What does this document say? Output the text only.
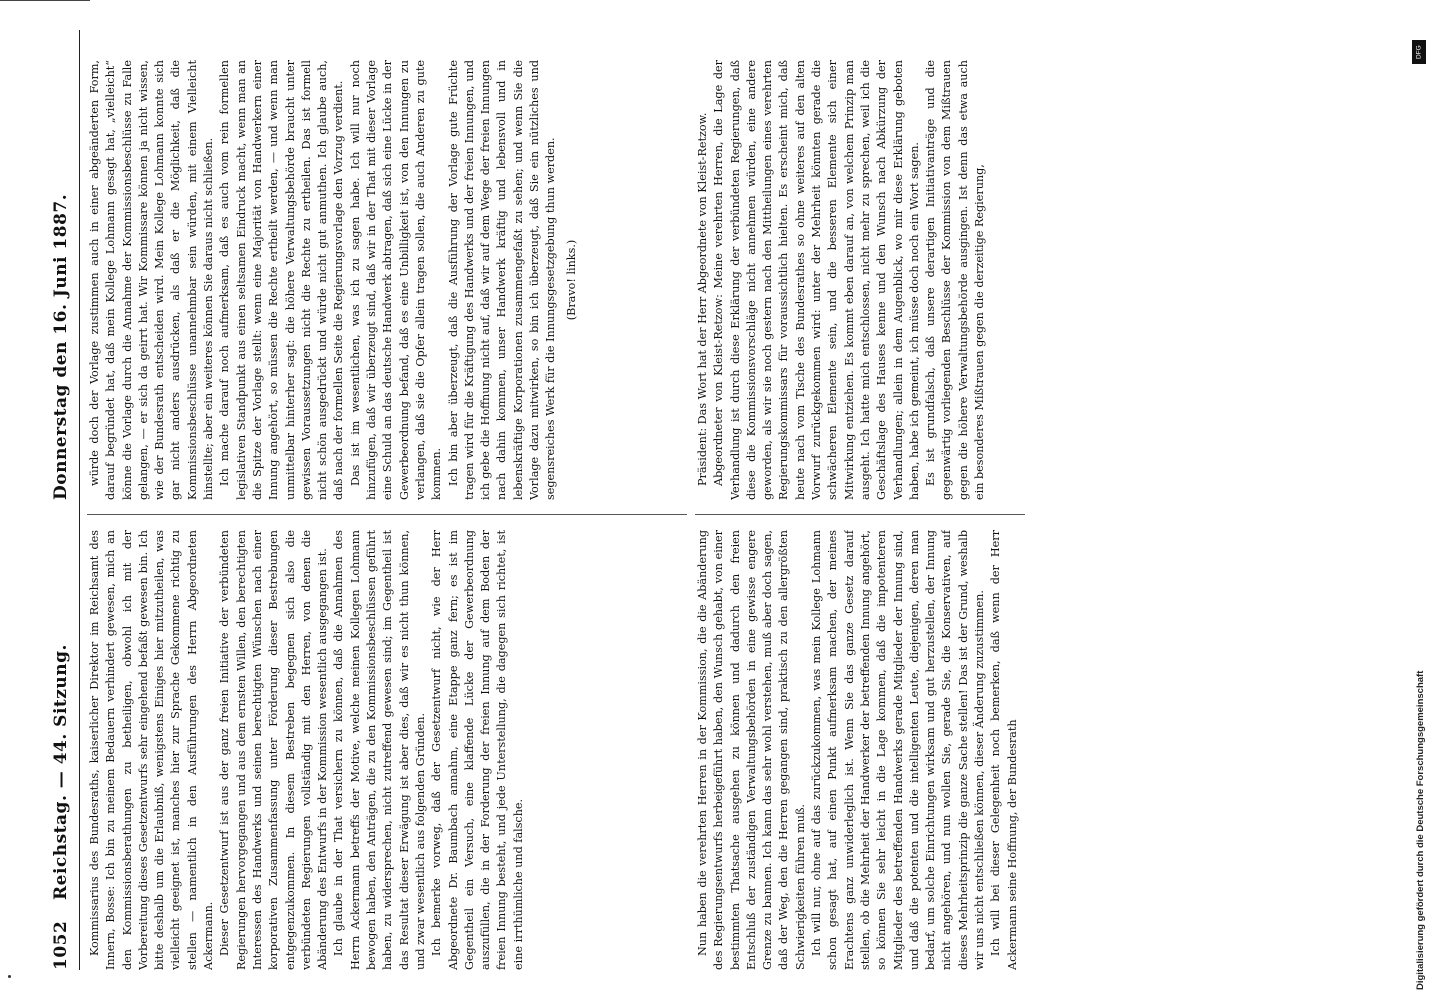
1052
Reichstag. — 44. Sitzung.
Donnerstag den 16. Juni 1887.

Kommissarius des Bundesraths, kaiserlicher Direktor im Reichsamt des Innern, Bosse: Ich bin zu meinem Bedauern verhindert gewesen, mich an den Kommissionsberathungen zu betheiligen, obwohl ich mit der Vorbereitung dieses Gesetzentwurfs sehr eingehend befaßt gewesen bin. Ich bitte deshalb um die Erlaubniß, wenigstens Einiges hier mitzutheilen, was vielleicht geeignet ist, manches hier zur Sprache Gekommene richtig zu stellen — namentlich in den Ausführungen des Herrn Abgeordneten Ackermann. Dieser Gesetzentwurf ist aus der ganz freien Initiative der verbündeten Regierungen hervorgegangen und aus dem ernsten Willen, den berechtigten Interessen des Handwerks und seinen berechtigten Wünschen nach einer korporativen Zusammenfassung unter Förderung dieser Bestrebungen entgegenzukommen. In diesem Bestreben begegnen sich also die verbündeten Regierungen vollständig mit den Herren, von denen die Abänderung des Entwurfs in der Kommission wesentlich ausgegangen ist. Ich glaube in der That versichern zu können, daß die Annahmen des Herrn Ackermann betreffs der Motive, welche meinen Kollegen Lohmann bewogen haben, den Anträgen, die zu den Kommissionsbeschlüssen geführt haben, zu widersprechen, nicht zutreffend gewesen sind; im Gegentheil ist das Resultat dieser Erwägung ist aber dies, daß wir es nicht thun können, und zwar wesentlich aus folgenden Gründen. Ich bemerke vorweg, daß der Gesetzentwurf nicht, wie der Herr Abgeordnete Dr. Baumbach annahm, eine Etappe ganz fern; es ist im Gegentheil ein Versuch, eine klaffende Lücke der Gewerbeordnung auszufüllen, die in der Forderung der freien Innung auf dem Boden der freien Innung besteht, und jede Unterstellung, die dagegen sich richtet, ist eine irrthümliche und falsche.

würde doch der Vorlage zustimmen auch in einer abgeänderten Form, darauf begründet hat, daß mein Kollege Lohmann gesagt hat, „vielleicht“ könne die Vorlage durch die Annahme der Kommissionsbeschlüsse zu Falle gelangen, — er sich da geirrt hat. Wir Kommissare können ja nicht wissen, wie der Bundesrath entscheiden wird. Mein Kollege Lohmann konnte sich gar nicht anders ausdrücken, als daß er die Möglichkeit, daß die Kommissionsbeschlüsse unannehmbar sein würden, mit einem Vielleicht hinstellte; aber ein weiteres können Sie daraus nicht schließen. Ich mache darauf noch aufmerksam, daß es auch vom rein formellen legislativen Standpunkt aus einen seltsamen Eindruck macht, wenn man an die Spitze der Vorlage stellt: wenn eine Majorität von Handwerkern einer Innung angehört, so müssen die Rechte ertheilt werden, — und wenn man unmittelbar hinterher sagt: die höhere Verwaltungsbehörde braucht unter gewissen Voraussetzungen nicht die Rechte zu ertheilen. Das ist formell nicht schön ausgedrückt und würde nicht gut anmuthen. Ich glaube auch, daß nach der formellen Seite die Regierungsvorlage den Vorzug verdient. Das ist im wesentlichen, was ich zu sagen habe. Ich will nur noch hinzufügen, daß wir überzeugt sind, daß wir in der That mit dieser Vorlage eine Schuld an das deutsche Handwerk abtragen, daß sich eine Lücke in der Gewerbeordnung befand, daß es eine Unbilligkeit ist, von den Innungen zu verlangen, daß sie die Opfer allein tragen sollen, die auch Anderen zu gute kommen. Ich bin aber überzeugt, daß die Ausführung der Vorlage gute Früchte tragen wird für die Kräftigung des Handwerks und der freien Innungen, und ich gebe die Hoffnung nicht auf, daß wir auf dem Wege der freien Innungen nach dahin kommen, unser Handwerk kräftig und lebensvoll und in lebenskräftige Korporationen zusammengefaßt zu sehen; und wenn Sie die Vorlage dazu mitwirken, so bin ich überzeugt, daß Sie ein nützliches und segensreiches Werk für die Innungsgesetzgebung thun werden. (Bravo! links.)

Nun haben die verehrten Herren in der Kommission, die die Abänderung des Regierungsentwurfs herbeigeführt haben, den Wunsch gehabt, von einer bestimmten Thatsache ausgehen zu können und dadurch den freien Entschluß der zuständigen Verwaltungsbehörden in eine gewisse engere Grenze zu bannen. Ich kann das sehr wohl verstehen, muß aber doch sagen, daß der Weg, den die Herren gegangen sind, praktisch zu den allergrößten Schwierigkeiten führen muß. Ich will nur, ohne auf das zurückzukommen, was mein Kollege Lohmann schon gesagt hat, auf einen Punkt aufmerksam machen, der meines Erachtens ganz unwiderleglich ist. Wenn Sie das ganze Gesetz darauf stellen, ob die Mehrheit der Handwerker der betreffenden Innung angehört, so können Sie sehr leicht in die Lage kommen, daß die impotenteren Mitglieder des betreffenden Handwerks gerade Mitglieder der Innung sind, und daß die potenten und die intelligenten Leute, diejenigen, deren man bedarf, um solche Einrichtungen wirksam und gut herzustellen, der Innung nicht angehören, und nun wollen Sie, gerade Sie, die Konservativen, auf dieses Mehrheitsprinzip die ganze Sache stellen! Das ist der Grund, weshalb wir uns nicht entschließen können, dieser Änderung zuzustimmen. Ich will bei dieser Gelegenheit noch bemerken, daß wenn der Herr Ackermann seine Hoffnung, der Bundesrath

Präsident: Das Wort hat der Herr Abgeordnete von Kleist-Retzow. Abgeordneter von Kleist-Retzow: Meine verehrten Herren, die Lage der Verhandlung ist durch diese Erklärung der verbündeten Regierungen, daß diese die Kommissionsvorschläge nicht annehmen würden, eine andere geworden, als wir sie noch gestern nach den Mittheilungen eines verehrten Regierungskommissars für voraussichtlich hielten. Es erscheint mich, daß heute nach vom Tische des Bundesrathes so ohne weiteres auf den alten Vorwurf zurückgekommen wird: unter der Mehrheit könnten gerade die schwächeren Elemente sein, und die besseren Elemente sich einer Mitwirkung entziehen. Es kommt eben darauf an, von welchem Prinzip man ausgeht. Ich hatte mich entschlossen, nicht mehr zu sprechen, weil ich die Geschäftslage des Hauses kenne und den Wunsch nach Abkürzung der Verhandlungen; allein in dem Augenblick, wo mir diese Erklärung geboten haben, habe ich gemeint, ich müsse doch noch ein Wort sagen. Es ist grundfalsch, daß unsere derartigen Initiativanträge und die gegenwärtig vorliegenden Beschlüsse der Kommission von dem Mißtrauen gegen die höhere Verwaltungsbehörde ausgingen. Ist denn das etwa auch ein besonderes Mißtrauen gegen die derzeitige Regierung,

DFG
Digitalisierung gefördert durch die Deutsche Forschungsgemeinschaft
